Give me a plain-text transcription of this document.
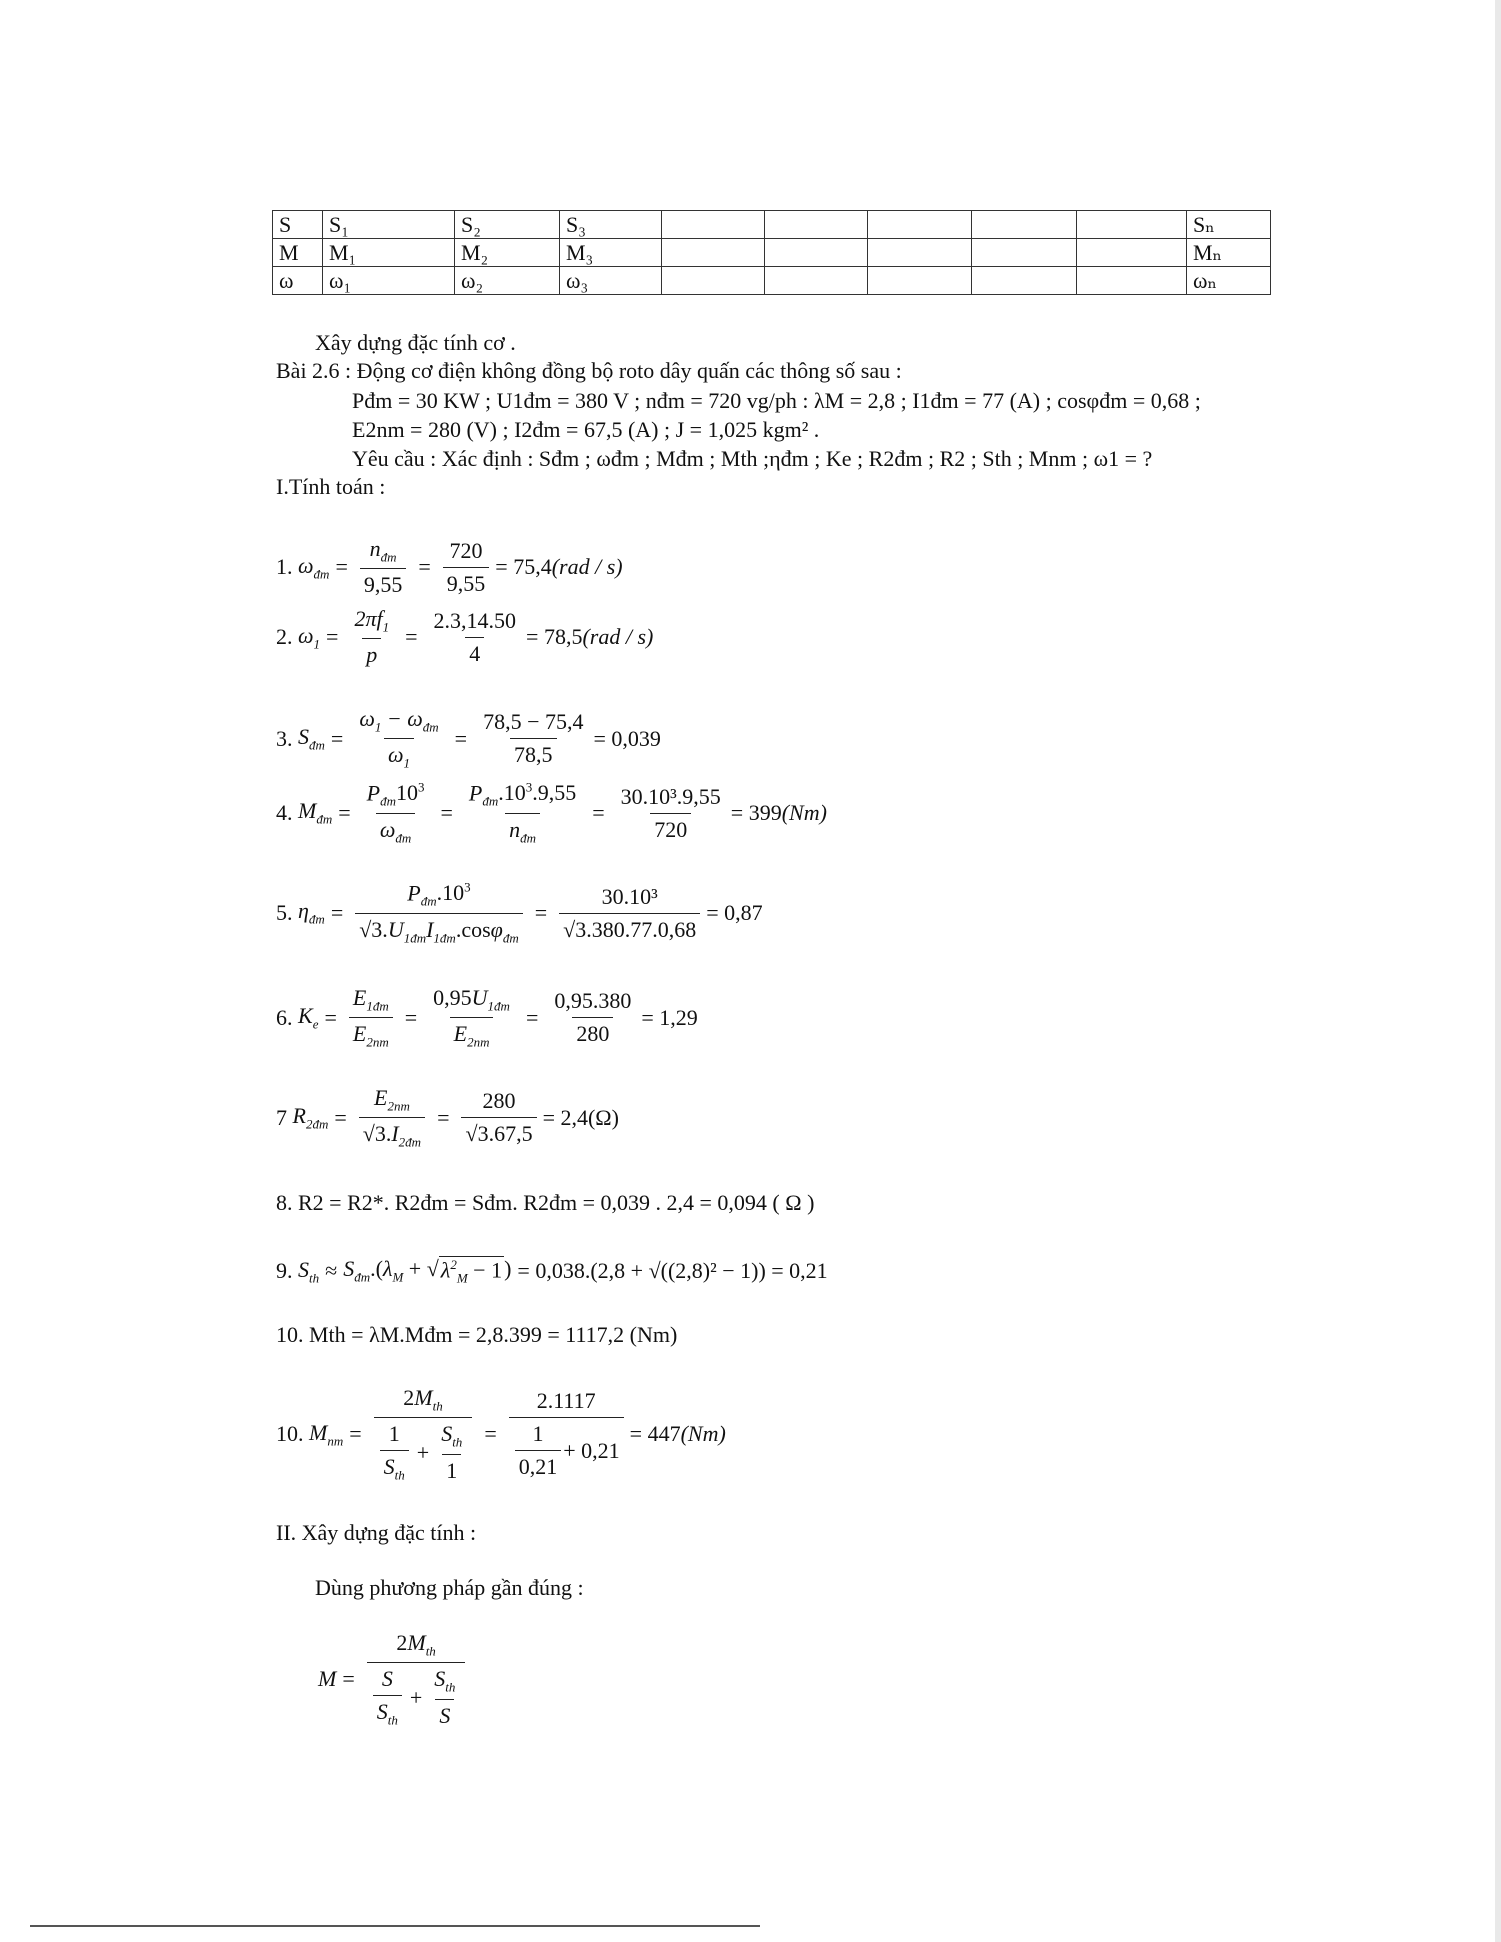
S	S₁	S₂	S₃						Sₙ
M	M₁	M₂	M₃						Mₙ
ω	ω₁	ω₂	ω₃						ωₙ
Xây dựng đặc tính cơ .
Bài 2.6 : Động cơ điện không đồng bộ roto dây quấn các thông số sau :
Pđm = 30 KW ; U1đm = 380 V ; nđm = 720 vg/ph : λM = 2,8 ; I1đm = 77 (A) ; cosφđm = 0,68 ;
E2nm = 280 (V) ; I2đm = 67,5 (A) ; J = 1,025 kgm² .
Yêu cầu : Xác định : Sđm ; ωđm ; Mđm ; Mth ;ηđm ; Ke ; R2đm ; R2 ; Sth ; Mnm ; ω1 = ?
I.Tính toán :
1.
$\omega_{đm} = \frac{n_{đm}}{9,55} = \frac{720}{9,55} = 75,4$ (rad / s)
2.
$\omega_1 = \frac{2\pi f_1}{p} = \frac{2.3,14.50}{4} = 78,5$ (rad / s)
3.
$S_{đm} = \frac{\omega_1 - \omega_{đm}}{\omega_1} = \frac{78,5 - 75,4}{78,5} = 0,039$
4.
$M_{đm} = \frac{P_{đm}10^3}{\omega_{đm}} = \frac{P_{đm}.10^3.9,55}{n_{đm}} = \frac{\text{30.10³.9,55}}{720} = 399$ (Nm)
5.
$\eta_{đm} = \frac{P_{đm}.10^3}{√3.U_{1đm}I_{1đm}.\cos\varphi_{đm}} = \frac{\text{30.10³}}{√3.380.77.0,68} = 0,87$
6.
$K_e = \frac{E_{1đm}}{E_{2nm}} = \frac{0,95U_{1đm}}{E_{2nm}} = \frac{0,95.380}{280} = 1,29$
7
$R_{2đm} = \frac{E_{2nm}}{√3.I_{2đm}} = \frac{280}{√3.67,5} = 2,4(\Omega)$
8. R2 = R2*. R2đm = Sđm. R2đm = 0,039 . 2,4 = 0,094 ( Ω )
9.
$S_{th} \approx S_{đm}.(\lambda_M$ + √ $\lambda^2_M - 1$ ) = 0,038.(2,8 + √((2,8)² − 1)) = 0,21
10. Mth = λM.Mđm = 2,8.399 = 1117,2 (Nm)
10.
$M_{nm} = \frac{2M_{th}}{\frac{1}{S_{th}} + \frac{S_{th}}{1}} = \frac{2.1117}{\frac{1}{0,21} + 0,21} = 447$ (Nm)
II. Xây dựng đặc tính :
Dùng phương pháp gần đúng :
$M = \frac{2M_{th}}{\frac{S}{S_{th}} + \frac{S_{th}}{S}}$
